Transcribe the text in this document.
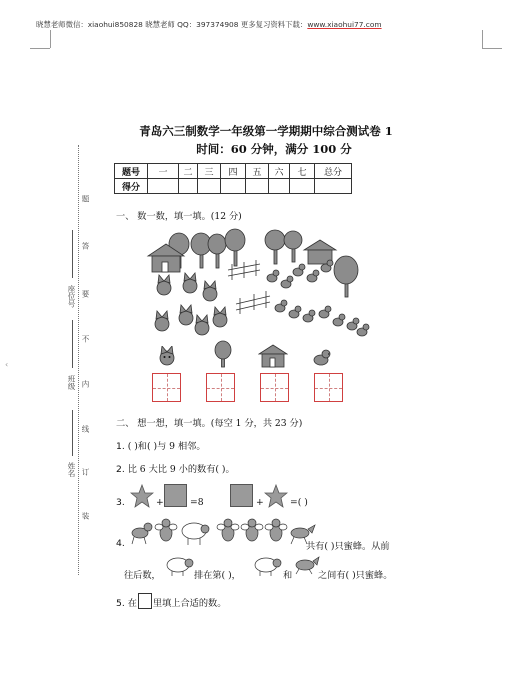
晓慧老师微信：xiaohui850828 晓慧老师 QQ：397374908 更多复习资料下载：www.xiaohui77.com
‹
题
答
要
不
内
线
订
装
座位号
班级
姓名
青岛六三制数学一年级第一学期期中综合测试卷 1
时间：60 分钟，满分 100 分
题号	一	二	三	四	五	六	七	总分
得分								
一、 数一数，填一填。(12 分)
二、 想一想，填一填。(每空 1 分，共 23 分)
1. ( )和( )与 9 相邻。
2. 比 6 大比 9 小的数有( )。
3.	+	=8	+	=( )
4.	共有( )只蜜蜂。从前
往后数，	排在第( )，	和	之间有( )只蜜蜂。
5. 在 里填上合适的数。
